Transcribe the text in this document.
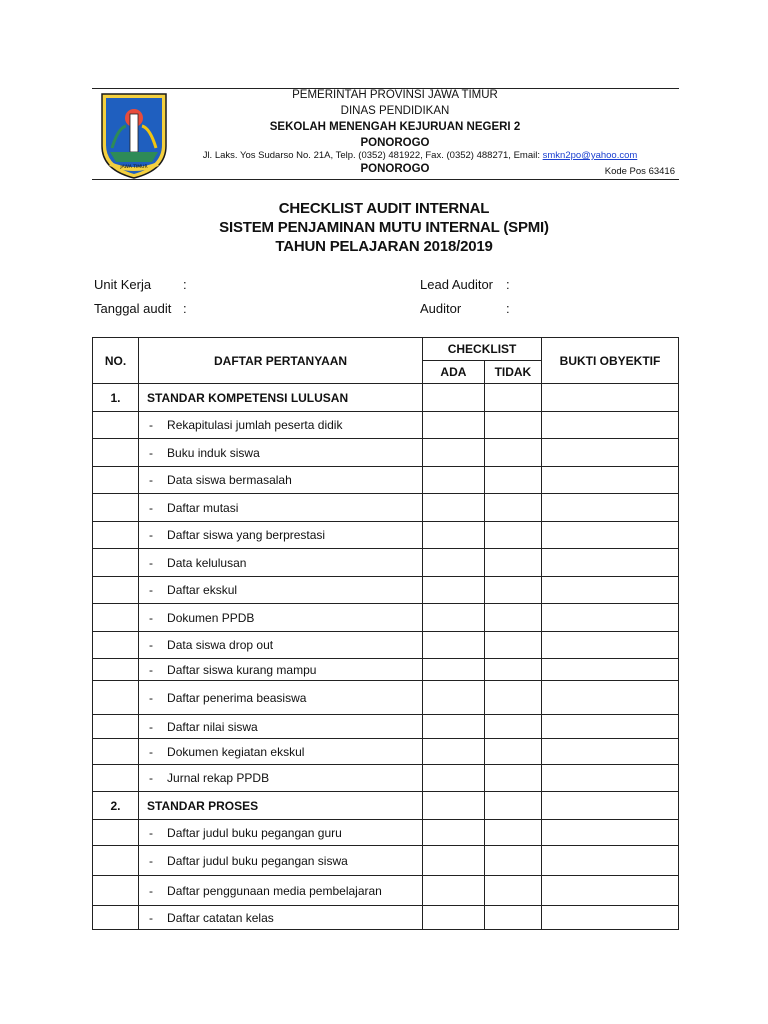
JAWA TIMUR
PEMERINTAH PROVINSI JAWA TIMUR
DINAS PENDIDIKAN
SEKOLAH MENENGAH KEJURUAN NEGERI 2
PONOROGO
Jl. Laks. Yos Sudarso No. 21A, Telp. (0352) 481922, Fax. (0352) 488271, Email: smkn2po@yahoo.com
PONOROGO	Kode Pos 63416
CHECKLIST AUDIT INTERNAL
SISTEM PENJAMINAN MUTU INTERNAL (SPMI)
TAHUN PELAJARAN 2018/2019
Unit Kerja :
Tanggal audit :
Lead Auditor :
Auditor	:
NO.	DAFTAR PERTANYAAN	CHECKLIST		BUKTI OBYEKTIF
		ADA	TIDAK	
1.	STANDAR KOMPETENSI LULUSAN			
	- Rekapitulasi jumlah peserta didik			
	- Buku induk siswa			
	- Data siswa bermasalah			
	- Daftar mutasi			
	- Daftar siswa yang berprestasi			
	- Data kelulusan			
	- Daftar ekskul			
	- Dokumen PPDB			
	- Data siswa drop out			
	- Daftar siswa kurang mampu			
	- Daftar penerima beasiswa			
	- Daftar nilai siswa			
	- Dokumen kegiatan ekskul			
	- Jurnal rekap PPDB			
2.	STANDAR PROSES			
	- Daftar judul buku pegangan guru			
	- Daftar judul buku pegangan siswa			
	- Daftar penggunaan media pembelajaran			
	- Daftar catatan kelas			
